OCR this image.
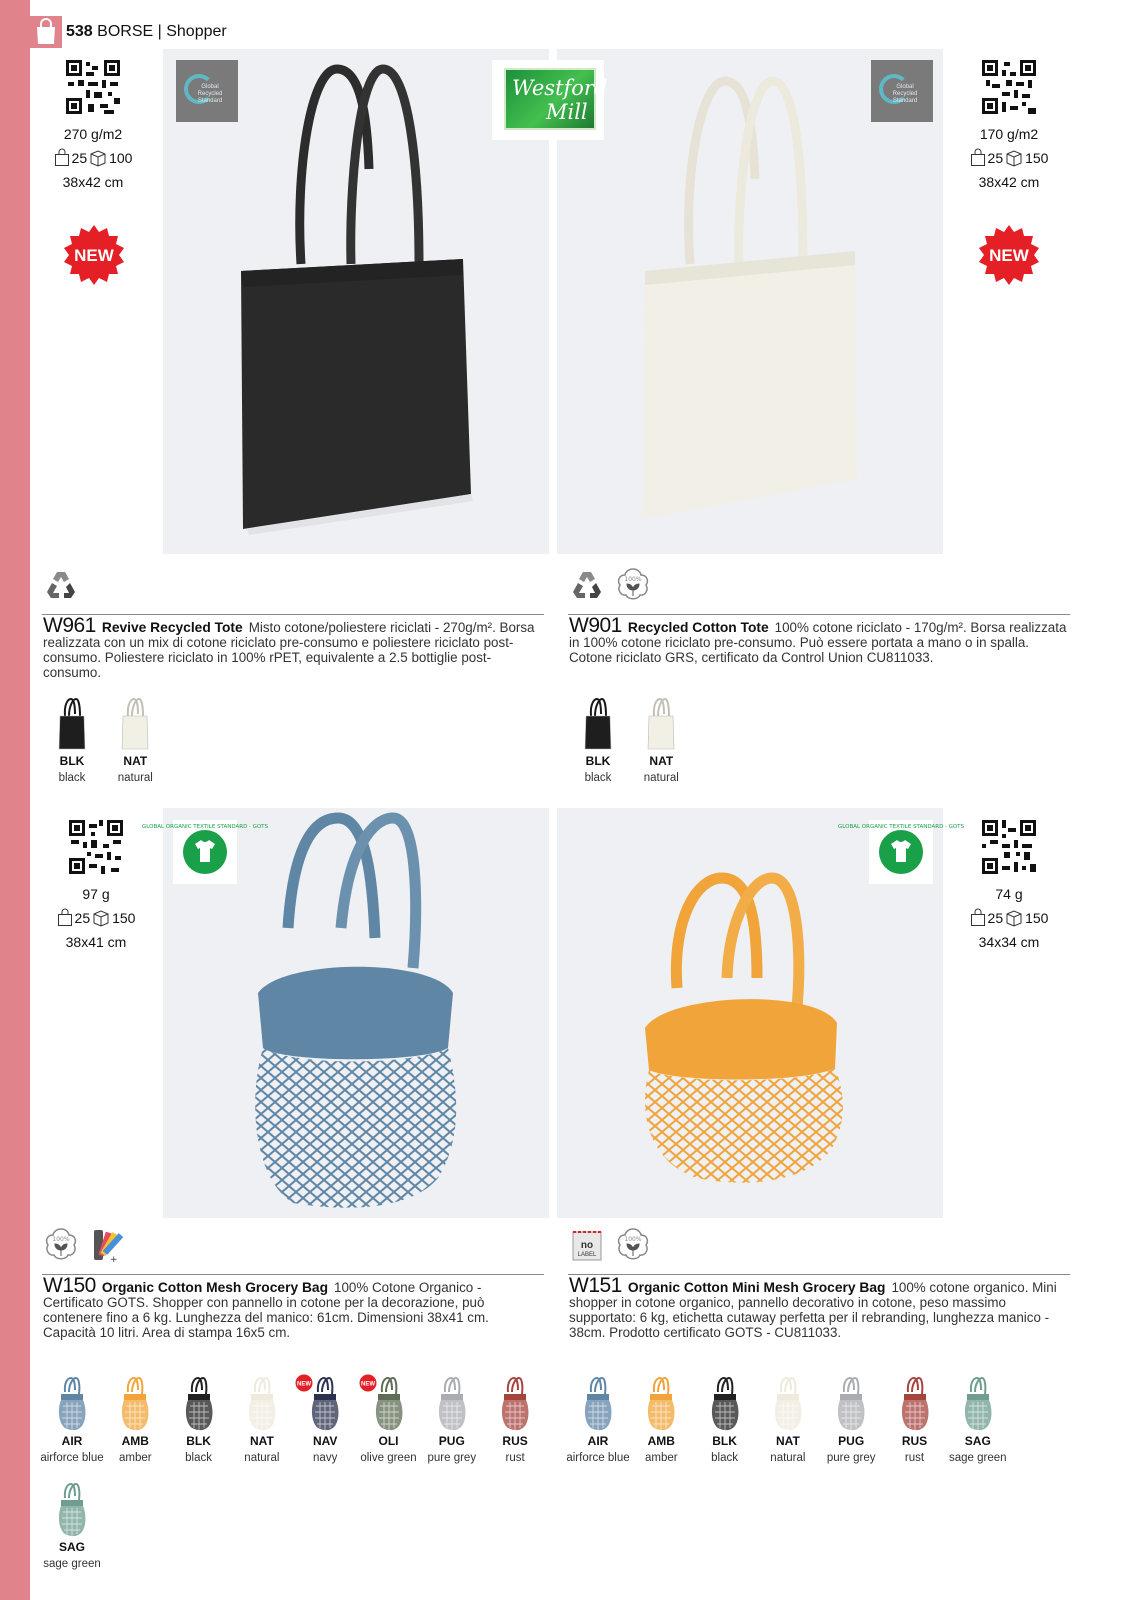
538 BORSE | Shopper
Global Recycled Standard
Global Recycled Standard
Westford
Mill
GLOBAL ORGANIC TEXTILE STANDARD · GOTS	GLOBAL ORGANIC TEXTILE STANDARD · GOTS
270 g/m2
25 100
38x42 cm
170 g/m2
25 150
38x42 cm
97 g
25 150
38x41 cm
74 g
25 150
34x34 cm
NEW	NEW
100%
100%
+
no
LABEL
100%
W961 Revive Recycled Tote Misto cotone/poliestere riciclati - 270g/m². Borsa realizzata con un mix di cotone riciclato pre-consumo e poliestere riciclato post-consumo. Poliestere riciclato in 100% rPET, equivalente a 2.5 bottiglie post-consumo.
W901 Recycled Cotton Tote 100% cotone riciclato - 170g/m². Borsa realizzata in 100% cotone riciclato pre-consumo. Può essere portata a mano o in spalla. Cotone riciclato GRS, certificato da Control Union CU811033.
W150 Organic Cotton Mesh Grocery Bag 100% Cotone Organico - Certificato GOTS. Shopper con pannello in cotone per la decorazione, può contenere fino a 6 kg. Lunghezza del manico: 61cm. Dimensioni 38x41 cm. Capacità 10 litri. Area di stampa 16x5 cm.
W151 Organic Cotton Mini Mesh Grocery Bag 100% cotone organico. Mini shopper in cotone organico, pannello decorativo in cotone, peso massimo supportato: 6 kg, etichetta cutaway perfetta per il rebranding, lunghezza manico - 38cm. Prodotto certificato GOTS - CU811033.
BLK
black
NAT
natural
BLK
black
NAT
natural
AIR
airforce blue
AMB
amber
BLK
black
NAT
natural
NEW
NAV
navy
NEW
OLI
olive green
PUG
pure grey
RUS
rust
SAG
sage green
AIR
airforce blue
AMB
amber
BLK
black
NAT
natural
PUG
pure grey
RUS
rust
SAG
sage green
